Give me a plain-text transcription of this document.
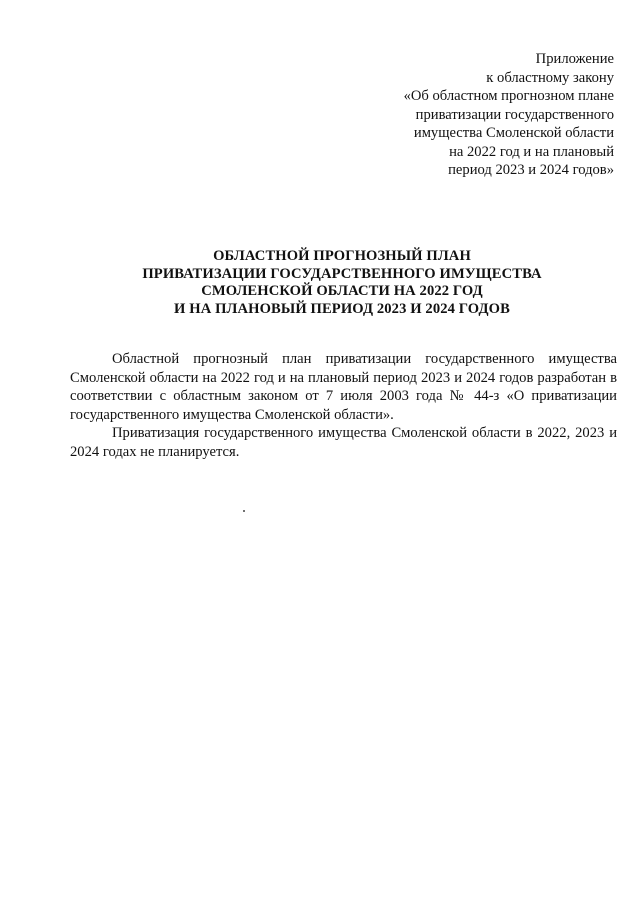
Приложение
к областному закону
«Об областном прогнозном плане
приватизации государственного
имущества Смоленской области
на 2022 год и на плановый
период 2023 и 2024 годов»
ОБЛАСТНОЙ ПРОГНОЗНЫЙ ПЛАН
ПРИВАТИЗАЦИИ ГОСУДАРСТВЕННОГО ИМУЩЕСТВА
СМОЛЕНСКОЙ ОБЛАСТИ НА 2022 ГОД
И НА ПЛАНОВЫЙ ПЕРИОД 2023 И 2024 ГОДОВ

Областной прогнозный план приватизации государственного имущества Смоленской области на 2022 год и на плановый период 2023 и 2024 годов разработан в соответствии с областным законом от 7 июля 2003 года № 44-з «О приватизации государственного имущества Смоленской области».

Приватизация государственного имущества Смоленской области в 2022, 2023 и 2024 годах не планируется.
